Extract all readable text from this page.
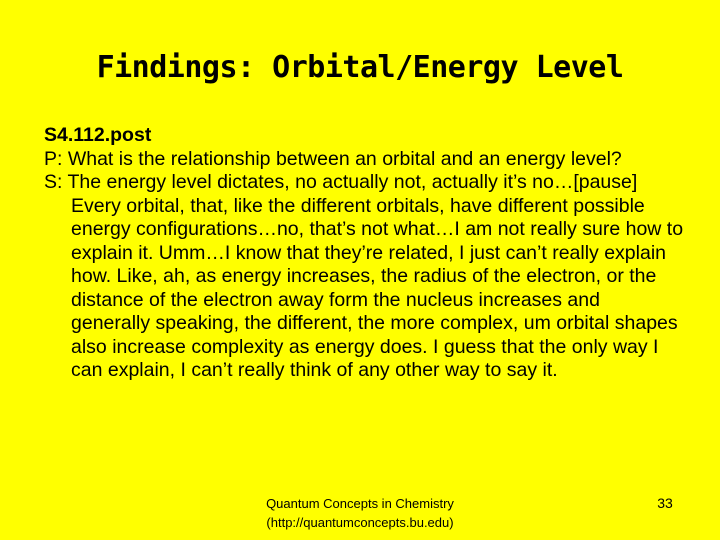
Findings: Orbital/Energy Level

S4.112.post

P: What is the relationship between an orbital and an energy level?

S: The energy level dictates, no actually not, actually it’s no…[pause] Every orbital, that, like the different orbitals, have different possible energy configurations…no, that’s not what…I am not really sure how to explain it. Umm…I know that they’re related, I just can’t really explain how. Like, ah, as energy increases, the radius of the electron, or the distance of the electron away form the nucleus increases and generally speaking, the different, the more complex, um orbital shapes also increase complexity as energy does. I guess that the only way I can explain, I can’t really think of any other way to say it.

Quantum Concepts in Chemistry
(http://quantumconcepts.bu.edu)
33
